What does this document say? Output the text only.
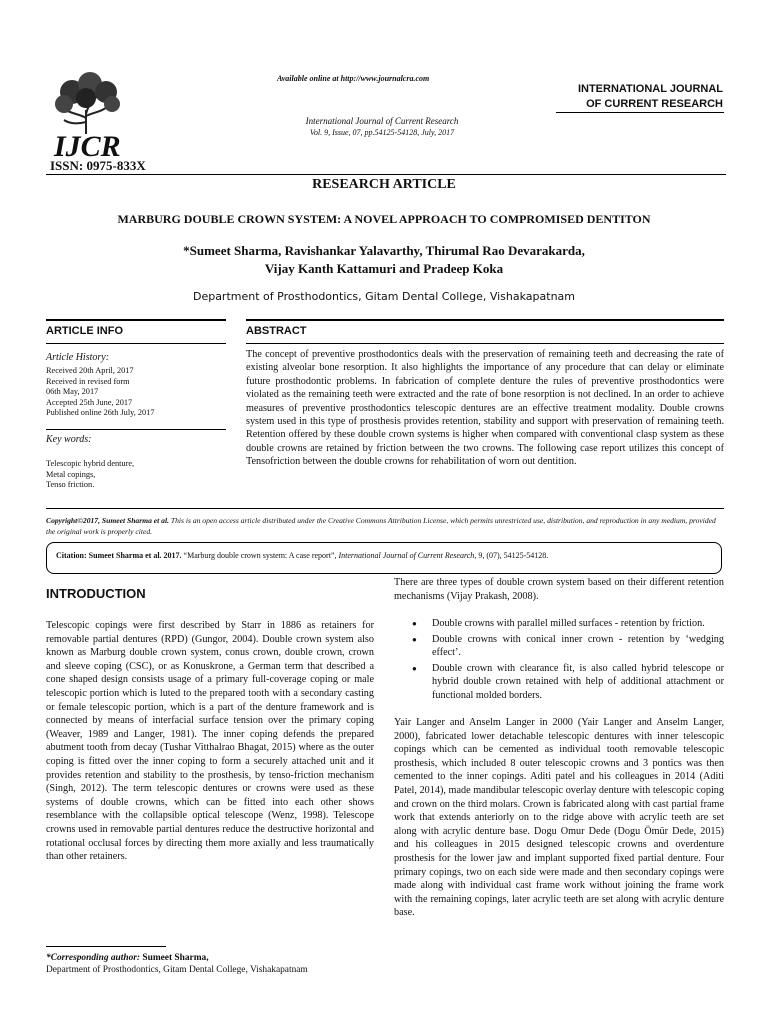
IJCR
ISSN: 0975-833X
Available online at http://www.journalcra.com
International Journal of Current Research
Vol. 9, Issue, 07, pp.54125-54128, July, 2017
INTERNATIONAL JOURNAL
OF CURRENT RESEARCH
RESEARCH ARTICLE
MARBURG DOUBLE CROWN SYSTEM: A NOVEL APPROACH TO COMPROMISED DENTITON
*Sumeet Sharma, Ravishankar Yalavarthy, Thirumal Rao Devarakarda,
Vijay Kanth Kattamuri and Pradeep Koka
Department of Prosthodontics, Gitam Dental College, Vishakapatnam
ARTICLE INFO	ABSTRACT
Article History:
Received 20th April, 2017
Received in revised form
06th May, 2017
Accepted 25th June, 2017
Published online 26th July, 2017
Key words:
Telescopic hybrid denture,
Metal copings,
Tenso friction.
The concept of preventive prosthodontics deals with the preservation of remaining teeth and decreasing the rate of existing alveolar bone resorption. It also highlights the importance of any procedure that can delay or eliminate future prosthodontic problems. In fabrication of complete denture the rules of preventive prosthodontics were violated as the remaining teeth were extracted and the rate of bone resorption is not declined. In an order to achieve measures of preventive prosthodontics telescopic dentures are an effective treatment modality. Double crowns system used in this type of prosthesis provides retention, stability and support with preservation of remaining teeth. Retention offered by these double crown systems is higher when compared with conventional clasp system as these double crowns are retained by friction between the two crowns. The following case report utilizes this concept of Tensofriction between the double crowns for rehabilitation of worn out dentition.
Copyright©2017, Sumeet Sharma et al. This is an open access article distributed under the Creative Commons Attribution License, which permits unrestricted use, distribution, and reproduction in any medium, provided the original work is properly cited.
Citation: Sumeet Sharma et al. 2017. “Marburg double crown system: A case report”, International Journal of Current Research, 9, (07), 54125-54128.
INTRODUCTION
Telescopic copings were first described by Starr in 1886 as retainers for removable partial dentures (RPD) (Gungor, 2004). Double crown system also known as Marburg double crown system, conus crown, double crown, crown and sleeve coping (CSC), or as Konuskrone, a German term that described a cone shaped design consists usage of a primary full-coverage coping or male telescopic portion which is luted to the prepared tooth with a secondary casting or female telescopic portion, which is a part of the denture framework and is connected by means of interfacial surface tension over the primary coping (Weaver, 1989 and Langer, 1981). The inner coping defends the prepared abutment tooth from decay (Tushar Vitthalrao Bhagat, 2015) where as the outer coping is fitted over the inner coping to form a securely attached unit and it provides retention and stability to the prosthesis, by tenso-friction mechanism (Singh, 2012). The term telescopic dentures or crowns were used as these systems of double crowns, which can be fitted into each other shows resemblance with the collapsible optical telescope (Wenz, 1998). Telescope crowns used in removable partial dentures reduce the destructive horizontal and rotational occlusal forces by directing them more axially and less traumatically than other retainers.
There are three types of double crown system based on their different retention mechanisms (Vijay Prakash, 2008).
● Double crowns with parallel milled surfaces - retention by friction.
● Double crowns with conical inner crown - retention by ‘wedging effect’.
● Double crown with clearance fit, is also called hybrid telescope or hybrid double crown retained with help of additional attachment or functional molded borders.
Yair Langer and Anselm Langer in 2000 (Yair Langer and Anselm Langer, 2000), fabricated lower detachable telescopic dentures with inner telescopic copings which can be cemented as individual tooth removable telescopic prosthesis, which included 8 outer telescopic crowns and 3 pontics was then cemented to the inner copings. Aditi patel and his colleagues in 2014 (Aditi Patel, 2014), made mandibular telescopic overlay denture with telescopic coping and crown on the third molars. Crown is fabricated along with cast partial frame work that extends anteriorly on to the ridge above with acrylic teeth are set along with acrylic denture base. Dogu Omur Dede (Dogu Ömür Dede, 2015) and his colleagues in 2015 designed telescopic crowns and overdenture prosthesis for the lower jaw and implant supported fixed partial denture. Four primary copings, two on each side were made and then secondary copings were made along with individual cast frame work without joining the frame work with the remaining copings, later acrylic teeth are set along with acrylic denture base.
*Corresponding author: Sumeet Sharma,
Department of Prosthodontics, Gitam Dental College, Vishakapatnam
